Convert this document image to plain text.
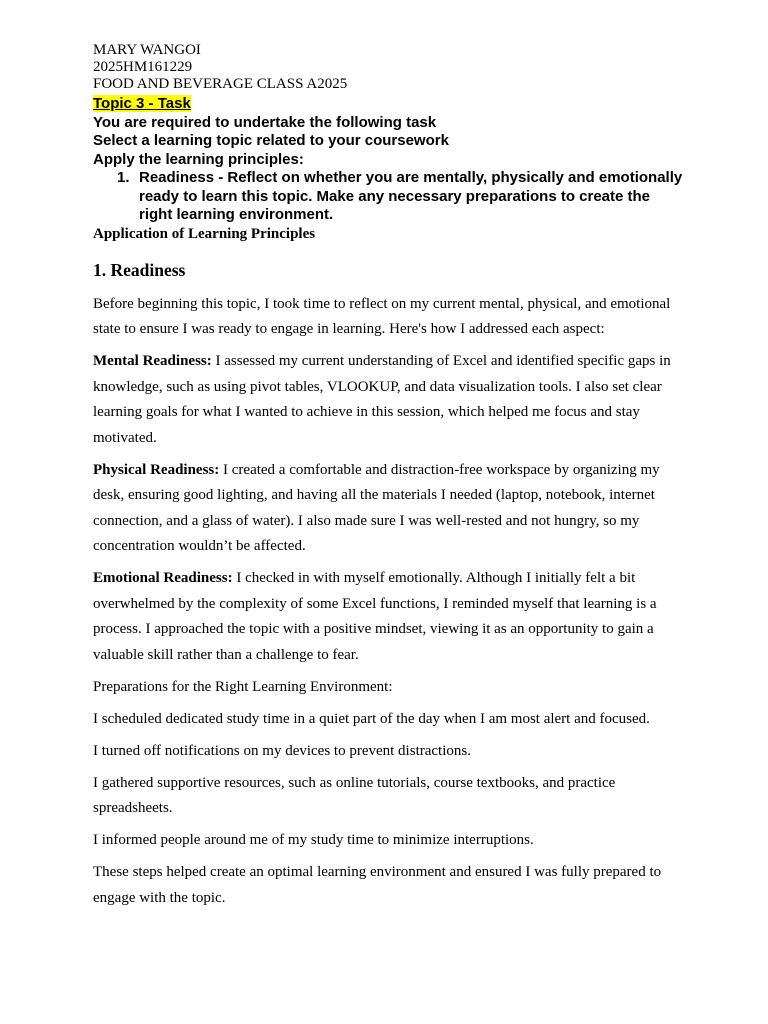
MARY WANGOI

2025HM161229

FOOD AND BEVERAGE CLASS A2025

Topic 3 - Task

You are required to undertake the following task

Select a learning topic related to your coursework

Apply the learning principles:

1. Readiness - Reflect on whether you are mentally, physically and emotionally ready to learn this topic. Make any necessary preparations to create the right learning environment.

Application of Learning Principles

1. Readiness

Before beginning this topic, I took time to reflect on my current mental, physical, and emotional state to ensure I was ready to engage in learning. Here's how I addressed each aspect:

Mental Readiness: I assessed my current understanding of Excel and identified specific gaps in knowledge, such as using pivot tables, VLOOKUP, and data visualization tools. I also set clear learning goals for what I wanted to achieve in this session, which helped me focus and stay motivated.

Physical Readiness: I created a comfortable and distraction-free workspace by organizing my desk, ensuring good lighting, and having all the materials I needed (laptop, notebook, internet connection, and a glass of water). I also made sure I was well-rested and not hungry, so my concentration wouldn’t be affected.

Emotional Readiness: I checked in with myself emotionally. Although I initially felt a bit overwhelmed by the complexity of some Excel functions, I reminded myself that learning is a process. I approached the topic with a positive mindset, viewing it as an opportunity to gain a valuable skill rather than a challenge to fear.

Preparations for the Right Learning Environment:

I scheduled dedicated study time in a quiet part of the day when I am most alert and focused.

I turned off notifications on my devices to prevent distractions.

I gathered supportive resources, such as online tutorials, course textbooks, and practice spreadsheets.

I informed people around me of my study time to minimize interruptions.

These steps helped create an optimal learning environment and ensured I was fully prepared to engage with the topic.
